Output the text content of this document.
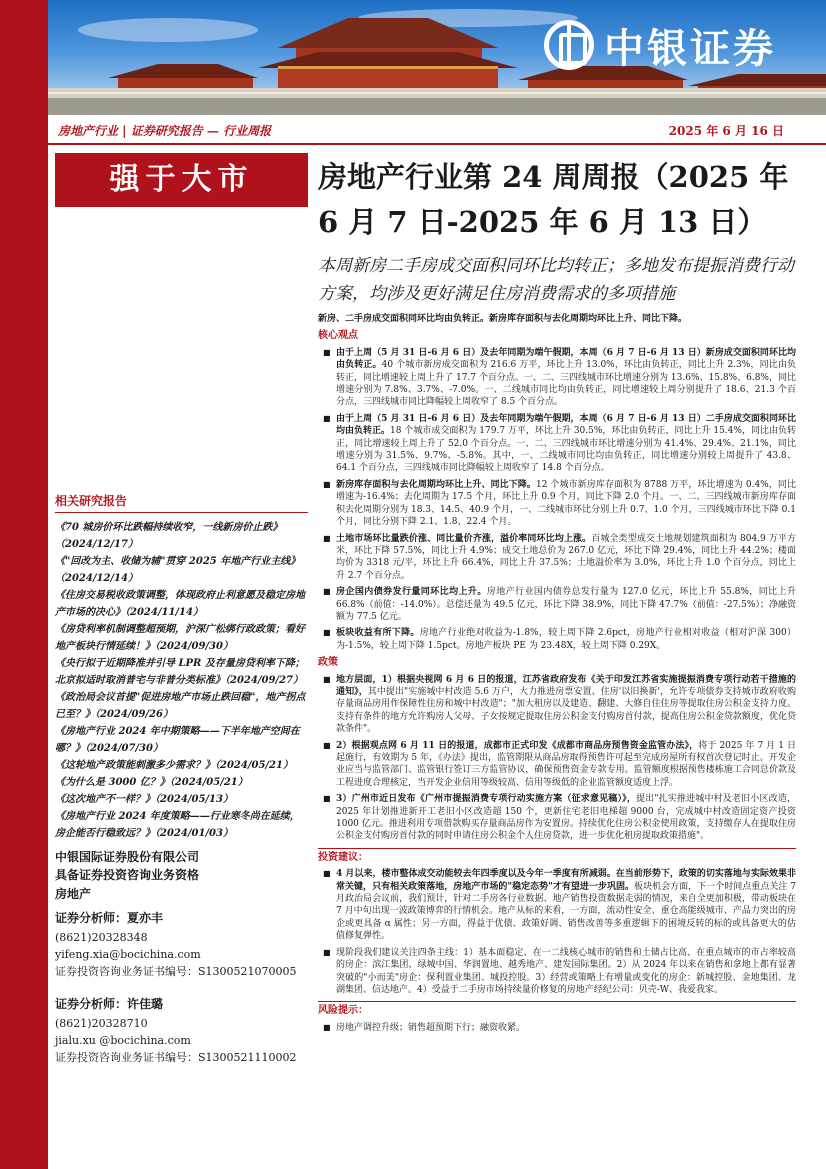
中银证券
房地产行业 | 证券研究报告 — 行业周报	2025 年 6 月 16 日
强于大市	房地产行业第 24 周周报（2025 年 6 月 7 日-2025 年 6 月 13 日）
本周新房二手房成交面积同环比均转正；多地发布提振消费行动方案，均涉及更好满足住房消费需求的多项措施
相关研究报告
《70 城房价环比跌幅持续收窄，一线新房价止跌》（2024/12/17）
《"回改为主、收储为辅"贯穿 2025 年地产行业主线》（2024/12/14）
《住房交易税收政策调整，体现政府止利意愿及稳定房地产市场的决心》（2024/11/14）
《房贷利率机制调整超预期，沪深广松绑行政政策；看好地产板块行情延续！》（2024/09/30）
《央行拟于近期降准并引导 LPR 及存量房贷利率下降；北京拟适时取消普宅与非普分类标准》（2024/09/27）
《政治局会议首提"促进房地产市场止跌回稳"，地产拐点已至？》（2024/09/26）
《房地产行业 2024 年中期策略——下半年地产空间在哪？》（2024/07/30）
《这轮地产政策能刺激多少需求？》（2024/05/21）
《为什么是 3000 亿？》（2024/05/21）
《这次地产不一样？》（2024/05/13）
《房地产行业 2024 年度策略——行业寒冬尚在延续，房企能否行稳致远？》（2024/01/03）
中银国际证券股份有限公司
具备证券投资咨询业务资格
房地产
证券分析师：夏亦丰
(8621)20328348
yifeng.xia@bocichina.com
证券投资咨询业务证书编号：S1300521070005
证券分析师：许佳璐
(8621)20328710
jialu.xu @bocichina.com
证券投资咨询业务证书编号：S1300521110002
新房、二手房成交面积同环比均由负转正。新房库存面积与去化周期均环比上升、同比下降。
核心观点
■ 由于上周（5 月 31 日-6 月 6 日）及去年同期为端午假期，本周（6 月 7 日-6 月 13 日）新房成交面积同环比均由负转正。40 个城市新房成交面积为 216.6 万平，环比上升 13.0%，环比由负转正，同比上升 2.3%，同比由负转正，同比增速较上周上升了 17.7 个百分点。一、二、三四线城市环比增速分别为 13.6%、15.8%、6.8%，同比增速分别为 7.8%、3.7%、-7.0%。一、二线城市同比均由负转正，同比增速较上周分别提升了 18.6、21.3 个百分点，三四线城市同比降幅较上周收窄了 8.5 个百分点。
■ 由于上周（5 月 31 日-6 月 6 日）及去年同期为端午假期，本周（6 月 7 日-6 月 13 日）二手房成交面积同环比均由负转正。18 个城市成交面积为 179.7 万平，环比上升 30.5%，环比由负转正，同比上升 15.4%，同比由负转正，同比增速较上周上升了 52.0 个百分点。一、二、三四线城市环比增速分别为 41.4%、29.4%、21.1%，同比增速分别为 31.5%、9.7%、-5.8%。其中，一、二线城市同比均由负转正，同比增速分别较上周提升了 43.8、64.1 个百分点，三四线城市同比降幅较上周收窄了 14.8 个百分点。
■ 新房库存面积与去化周期均环比上升、同比下降。12 个城市新房库存面积为 8788 万平，环比增速为 0.4%，同比增速为-16.4%；去化周期为 17.5 个月，环比上升 0.9 个月，同比下降 2.0 个月。一、二、三四线城市新房库存面积去化周期分别为 18.3、14.5、40.9 个月，一、二线城市环比分别上升 0.7、1.0 个月，三四线城市环比下降 0.1 个月，同比分别下降 2.1、1.8、22.4 个月。
■ 土地市场环比量跌价涨、同比量价齐涨，溢价率同环比均上涨。百城全类型成交土地规划建筑面积为 804.9 万平方米，环比下降 57.5%，同比上升 4.9%；成交土地总价为 267.0 亿元，环比下降 29.4%，同比上升 44.2%；楼面均价为 3318 元/平，环比上升 66.4%，同比上升 37.5%；土地溢价率为 3.0%，环比上升 1.0 个百分点，同比上升 2.7 个百分点。
■ 房企国内债券发行量同环比均上升。房地产行业国内债券总发行量为 127.0 亿元，环比上升 55.8%，同比上升 66.8%（前值：-14.0%）。总偿还量为 49.5 亿元，环比下降 38.9%，同比下降 47.7%（前值：-27.5%）；净融资额为 77.5 亿元。
■ 板块收益有所下降。房地产行业绝对收益为-1.8%，较上周下降 2.6pct，房地产行业相对收益（相对沪深 300）为-1.5%，较上周下降 1.5pct。房地产板块 PE 为 23.48X，较上周下降 0.29X。
政策
■ 地方层面，1）根据央视网 6 月 6 日的报道，江苏省政府发布《关于印发江苏省实施提振消费专项行动若干措施的通知》，其中提出"实施城中村改造 5.6 万户，大力推进房票安置、住房'以旧换新'，允许专项债券支持城市政府收购存量商品房用作保障性住房和城中村改造"；"加大租房以及建造、翻建、大修自住住房等提取住房公积金支持力度。支持有条件的地方允许购房人父母、子女按规定提取住房公积金支付购房首付款，提高住房公积金贷款额度，优化贷款条件"。
■ 2）根据观点网 6 月 11 日的报道，成都市正式印发《成都市商品房预售资金监管办法》，将于 2025 年 7 月 1 日起施行，有效期为 5 年，《办法》提出，监管期限从商品房取得预售许可起至完成房屋所有权首次登记时止。开发企业应当与监管部门、监管银行签订三方监管协议，确保预售资金专款专用。监管额度根据预售楼栋施工合同总价款及工程进度合理核定，当开发企业信用等级较高、信用等级低的企业监管额度适度上浮。
■ 3）广州市近日发布《广州市提振消费专项行动实施方案（征求意见稿）》，提出"扎实推进城中村及老旧小区改造，2025 年计划推进新开工老旧小区改造超 150 个，更新住宅老旧电梯超 9000 台，完成城中村改造固定资产投资 1000 亿元。推进利用专项借款购买存量商品房作为安置房。持续优化住房公积金使用政策，支持缴存人在提取住房公积金支付购房首付款的同时申请住房公积金个人住房贷款，进一步优化租房提取政策措施"。
投资建议：
■ 4 月以来，楼市整体成交动能较去年四季度以及今年一季度有所减弱。在当前形势下，政策的切实落地与实际效果非常关键，只有相关政策落地，房地产市场的"稳定态势"才有望进一步巩固。板块机会方面，下一个时间点重点关注 7 月政治局会议前，我们预计，针对二手房各行业数据、地产销售投资数据走弱的情况，来自全更加积极，带动板块在 7 月中旬出现一波政策博弈的行情机会。地产从标的来看，一方面，流动性安全、重仓高能级城市、产品力突出的房企或更具备 α 属性；另一方面，得益于优债、政策好调、销售改善等多重逻辑下的困境反转的标的或具备更大的估值修复弹性。
■ 现阶段我们建议关注四条主线：1）基本面稳定、在一二线核心城市的销售和土储占比高、在重点城市的市占率较高的房企：滨江集团、绿城中国、华润置地、越秀地产、建发国际集团。2）从 2024 年以来在销售和拿地上都有显著突破的"小而美"房企：保利置业集团、城投控股。3）经营或策略上有增量或变化的房企：新城控股、金地集团、龙湖集团、信达地产。4）受益于二手房市场持续量价修复的房地产经纪公司：贝壳-W、我爱我家。
风险提示：
■ 房地产调控升级；销售超预期下行；融资收紧。
